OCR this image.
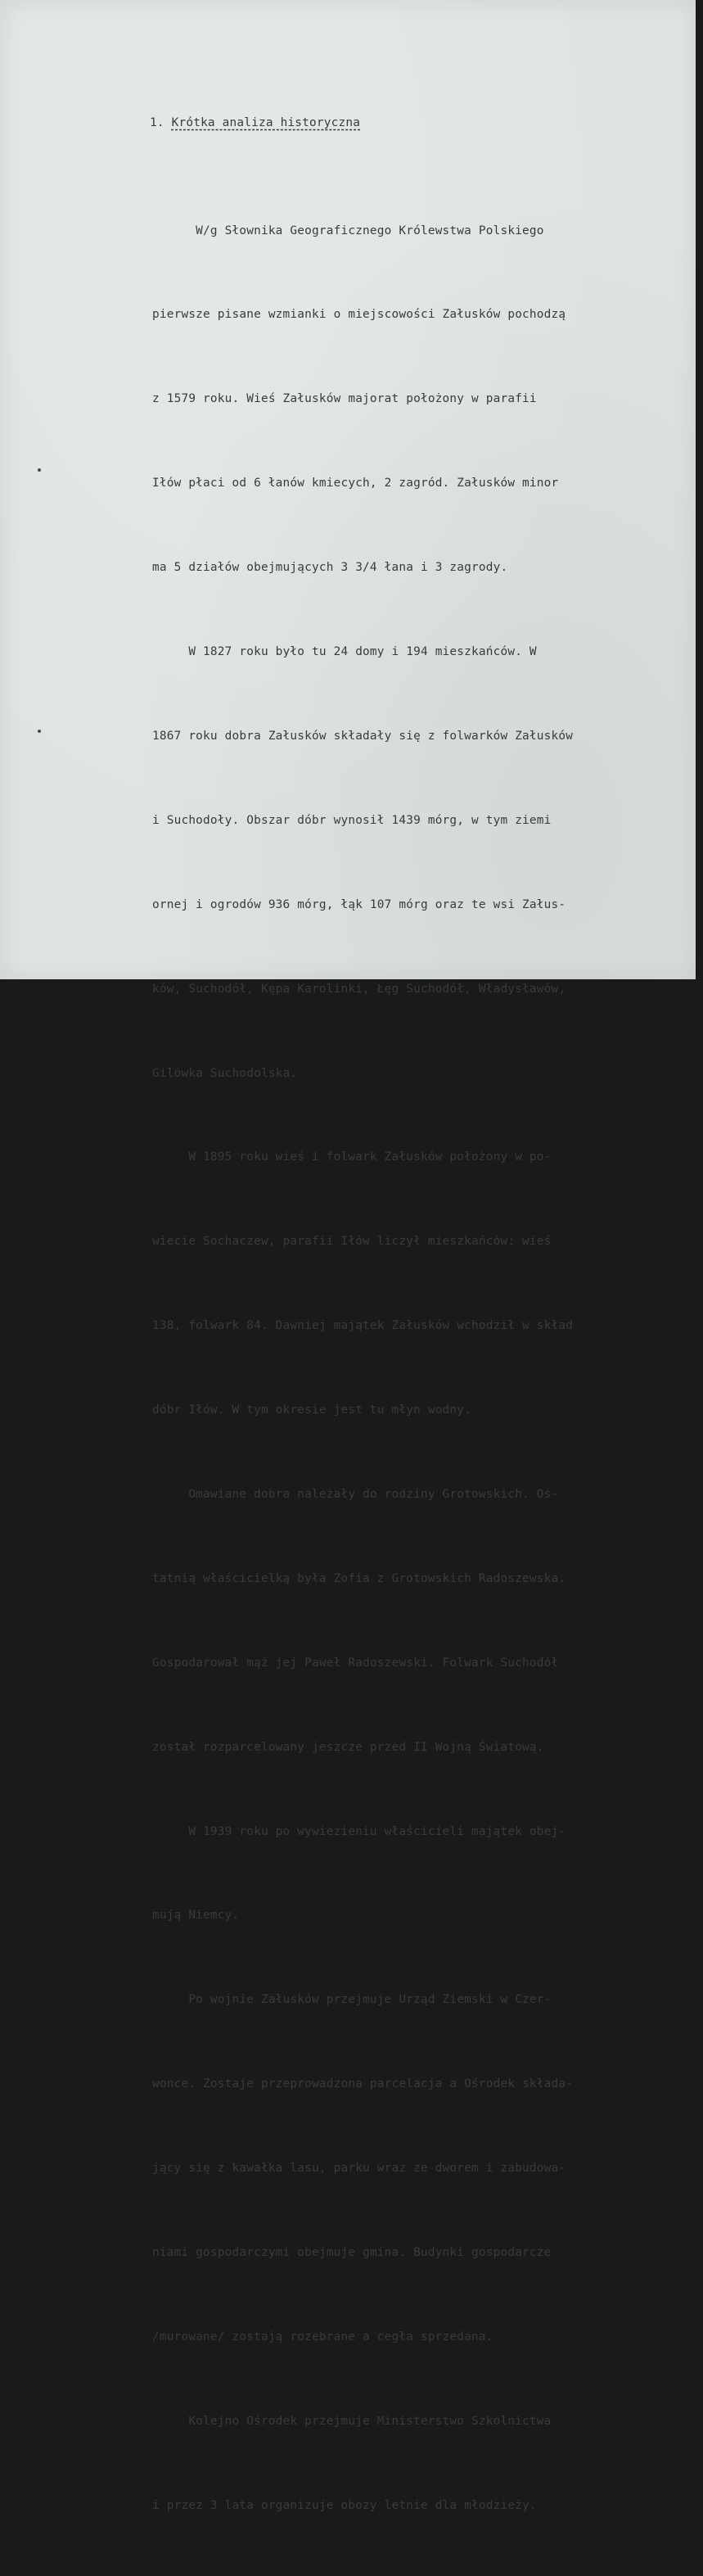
1. Krótka analiza historyczna

W/g Słownika Geograficznego Królewstwa Polskiego

pierwsze pisane wzmianki o miejscowości Załusków pochodzą

z 1579 roku. Wieś Załusków majorat położony w parafii

Iłów płaci od 6 łanów kmiecych, 2 zagród. Załusków minor

ma 5 działów obejmujących 3 3/4 łana i 3 zagrody.

W 1827 roku było tu 24 domy i 194 mieszkańców. W

1867 roku dobra Załusków składały się z folwarków Załusków

i Suchodoły. Obszar dóbr wynosił 1439 mórg, w tym ziemi

ornej i ogrodów 936 mórg, łąk 107 mórg oraz te wsi Załus-

ków, Suchodół, Kępa Karolinki, Łęg Suchodół, Władysławów,

Gilówka Suchodolska.

W 1895 roku wieś i folwark Załusków położony w po-

wiecie Sochaczew, parafii Iłów liczył mieszkańców: wieś

138, folwark 84. Dawniej majątek Załusków wchodził w skład

dóbr Iłów. W tym okresie jest tu młyn wodny.

Omawiane dobra należały do rodziny Grotowskich. Os-

tatnią właścicielką była Zofia z Grotowskich Radoszewska.

Gospodarował mąż jej Paweł Radoszewski. Folwark Suchodół

został rozparcelowany jeszcze przed II Wojną Światową.

W 1939 roku po wywiezieniu właścicieli majątek obej-

mują Niemcy.

Po wojnie Załusków przejmuje Urząd Ziemski w Czer-

wonce. Zostaje przeprowadzona parcelacja a Ośrodek składa-

jący się z kawałka lasu, parku wraz ze dworem i zabudowa-

niami gospodarczymi obejmuje gmina. Budynki gospodarcze

/murowane/ zostają rozebrane a cegła sprzedana.

Kolejno Ośrodek przejmuje Ministerstwo Szkolnictwa

i przez 3 lata organizuje obozy letnie dla młodzieży.
